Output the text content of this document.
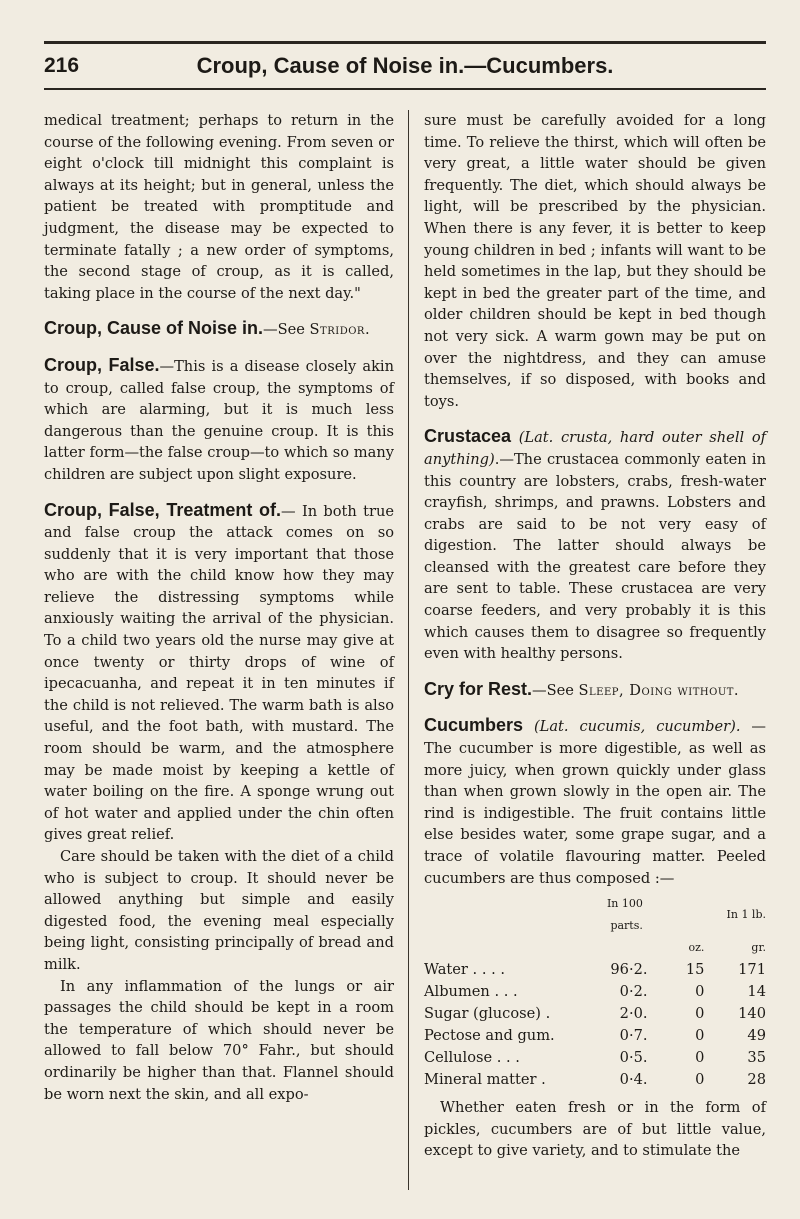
216	Croup, Cause of Noise in.—Cucumbers.

medical treatment; perhaps to return in the course of the following evening. From seven or eight o'clock till midnight this complaint is always at its height; but in general, unless the patient be treated with promptitude and judgment, the disease may be expected to terminate fatally ; a new order of symptoms, the second stage of croup, as it is called, taking place in the course of the next day."

Croup, Cause of Noise in.—See Stridor.

Croup, False.—This is a disease closely akin to croup, called false croup, the symptoms of which are alarming, but it is much less dangerous than the genuine croup. It is this latter form—the false croup—to which so many children are subject upon slight exposure.

Croup, False, Treatment of.— In both true and false croup the attack comes on so suddenly that it is very important that those who are with the child know how they may relieve the distressing symptoms while anxiously waiting the arrival of the physician. To a child two years old the nurse may give at once twenty or thirty drops of wine of ipecacuanha, and repeat it in ten minutes if the child is not relieved. The warm bath is also useful, and the foot bath, with mustard. The room should be warm, and the atmosphere may be made moist by keeping a kettle of water boiling on the fire. A sponge wrung out of hot water and applied under the chin often gives great relief.

Care should be taken with the diet of a child who is subject to croup. It should never be allowed anything but simple and easily digested food, the evening meal especially being light, consisting principally of bread and milk.

In any inflammation of the lungs or air passages the child should be kept in a room the temperature of which should never be allowed to fall below 70° Fahr., but should ordinarily be higher than that. Flannel should be worn next the skin, and all expo-

sure must be carefully avoided for a long time. To relieve the thirst, which will often be very great, a little water should be given frequently. The diet, which should always be light, will be prescribed by the physician. When there is any fever, it is better to keep young children in bed ; infants will want to be held sometimes in the lap, but they should be kept in bed the greater part of the time, and older children should be kept in bed though not very sick. A warm gown may be put on over the nightdress, and they can amuse themselves, if so disposed, with books and toys.

Crustacea (Lat. crusta, hard outer shell of anything).—The crustacea commonly eaten in this country are lobsters, crabs, fresh-water crayfish, shrimps, and prawns. Lobsters and crabs are said to be not very easy of digestion. The latter should always be cleansed with the greatest care before they are sent to table. These crustacea are very coarse feeders, and very probably it is this which causes them to disagree so frequently even with healthy persons.

Cry for Rest.—See Sleep, Doing without.

Cucumbers (Lat. cucumis, cucumber). — The cucumber is more digestible, as well as more juicy, when grown quickly under glass than when grown slowly in the open air. The rind is indigestible. The fruit contains little else besides water, some grape sugar, and a trace of volatile flavouring matter. Peeled cucumbers are thus composed :—

	In 100 parts.		In 1 lb.	
			oz.	gr.
Water . . . .	96·2	.	15	171
Albumen . . .	0·2	.	0	14
Sugar (glucose) .	2·0	.	0	140
Pectose and gum.	0·7	.	0	49
Cellulose . . .	0·5	.	0	35
Mineral matter .	0·4	.	0	28

Whether eaten fresh or in the form of pickles, cucumbers are of but little value, except to give variety, and to stimulate the
